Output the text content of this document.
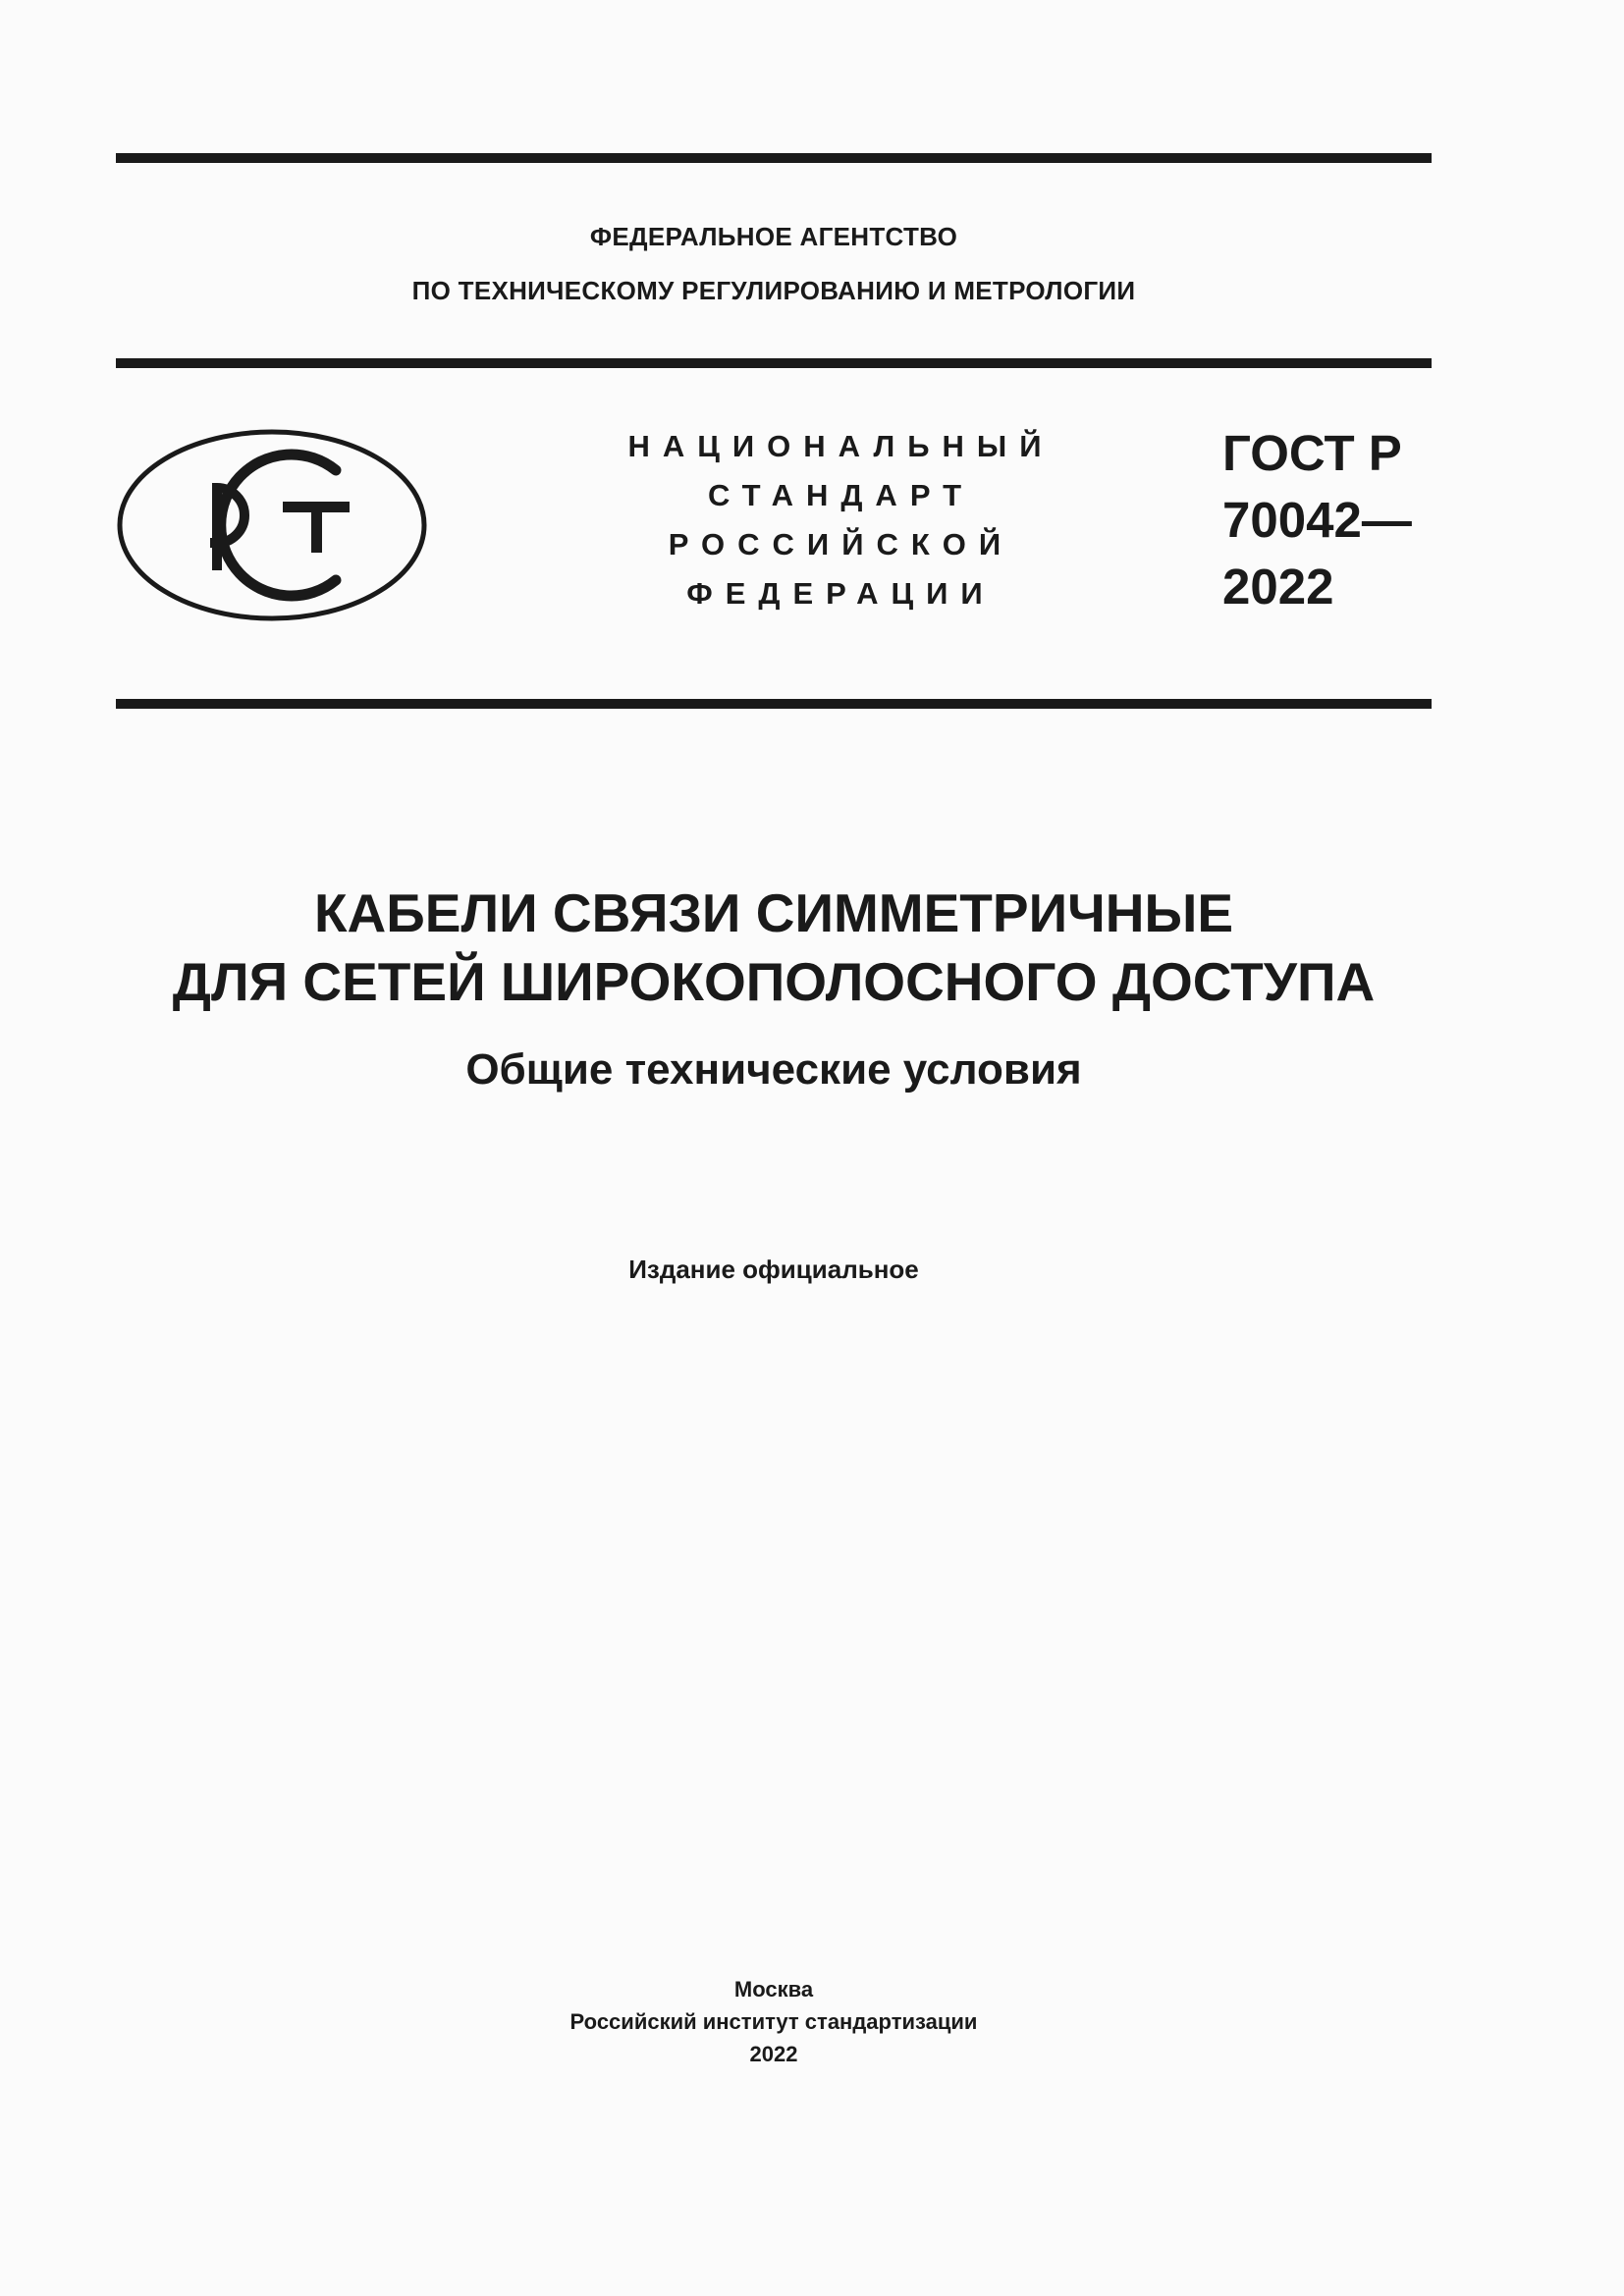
ФЕДЕРАЛЬНОЕ АГЕНТСТВО
ПО ТЕХНИЧЕСКОМУ РЕГУЛИРОВАНИЮ И МЕТРОЛОГИИ
НАЦИОНАЛЬНЫЙ
СТАНДАРТ
РОССИЙСКОЙ
ФЕДЕРАЦИИ
ГОСТ Р
70042—
2022
КАБЕЛИ СВЯЗИ СИММЕТРИЧНЫЕ
ДЛЯ СЕТЕЙ ШИРОКОПОЛОСНОГО ДОСТУПА
Общие технические условия
Издание официальное
Москва
Российский институт стандартизации
2022
